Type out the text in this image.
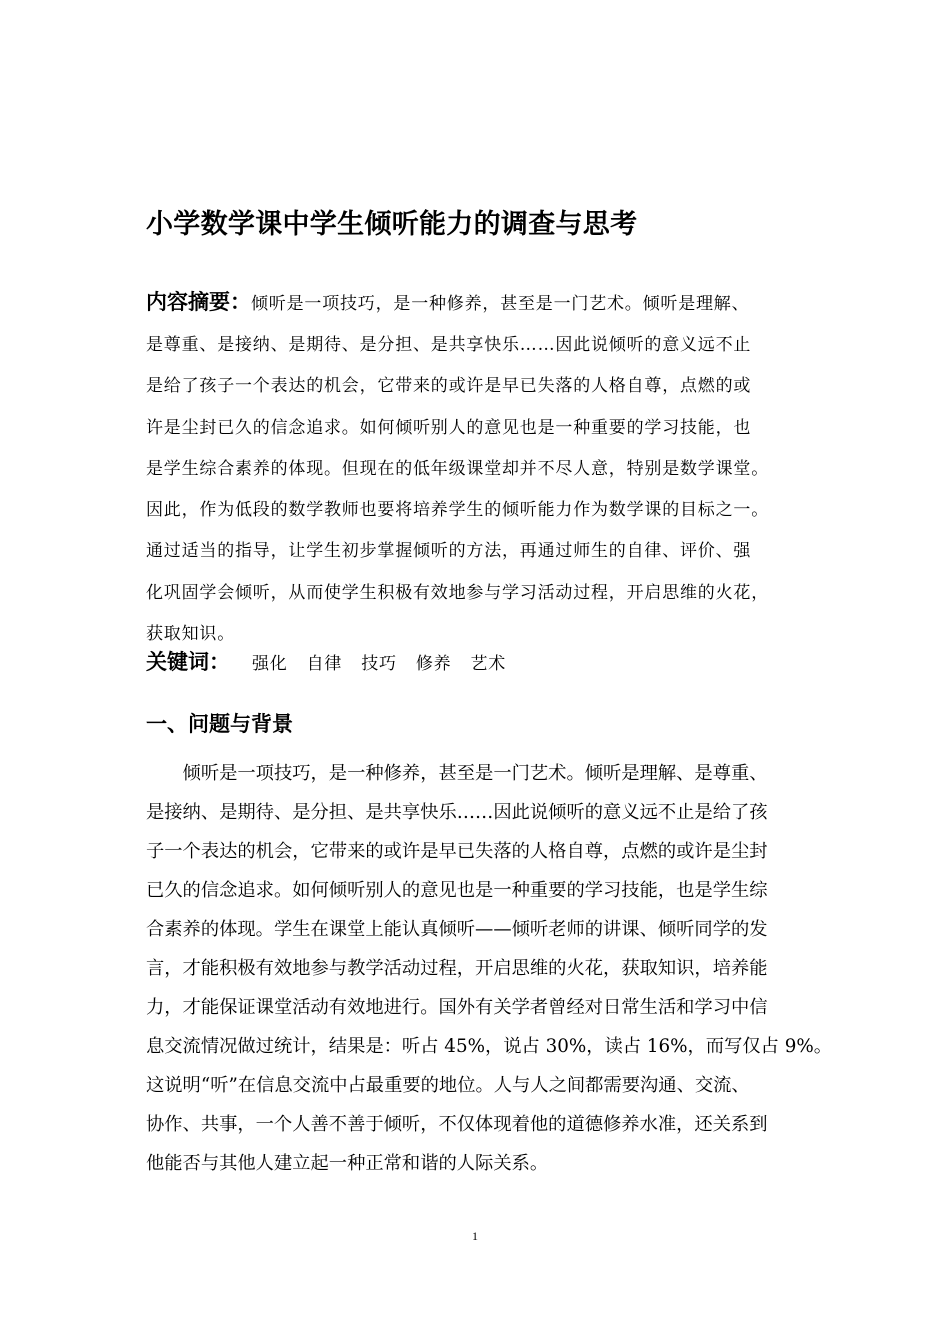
小学数学课中学生倾听能力的调查与思考
内容摘要：倾听是一项技巧，是一种修养，甚至是一门艺术。倾听是理解、
是尊重、是接纳、是期待、是分担、是共享快乐……因此说倾听的意义远不止
是给了孩子一个表达的机会，它带来的或许是早已失落的人格自尊，点燃的或
许是尘封已久的信念追求。如何倾听别人的意见也是一种重要的学习技能，也
是学生综合素养的体现。但现在的低年级课堂却并不尽人意，特别是数学课堂。
因此，作为低段的数学教师也要将培养学生的倾听能力作为数学课的目标之一。
通过适当的指导，让学生初步掌握倾听的方法，再通过师生的自律、评价、强
化巩固学会倾听，从而使学生积极有效地参与学习活动过程，开启思维的火花，
获取知识。
关键词： 强化 自律 技巧 修养 艺术
一、问题与背景
　　倾听是一项技巧，是一种修养，甚至是一门艺术。倾听是理解、是尊重、
是接纳、是期待、是分担、是共享快乐……因此说倾听的意义远不止是给了孩
子一个表达的机会，它带来的或许是早已失落的人格自尊，点燃的或许是尘封
已久的信念追求。如何倾听别人的意见也是一种重要的学习技能，也是学生综
合素养的体现。学生在课堂上能认真倾听——倾听老师的讲课、倾听同学的发
言，才能积极有效地参与教学活动过程，开启思维的火花，获取知识，培养能
力，才能保证课堂活动有效地进行。国外有关学者曾经对日常生活和学习中信
息交流情况做过统计，结果是：听占 45%，说占 30%，读占 16%，而写仅占 9%。
这说明“听”在信息交流中占最重要的地位。人与人之间都需要沟通、交流、
协作、共事，一个人善不善于倾听，不仅体现着他的道德修养水准，还关系到
他能否与其他人建立起一种正常和谐的人际关系。
1
